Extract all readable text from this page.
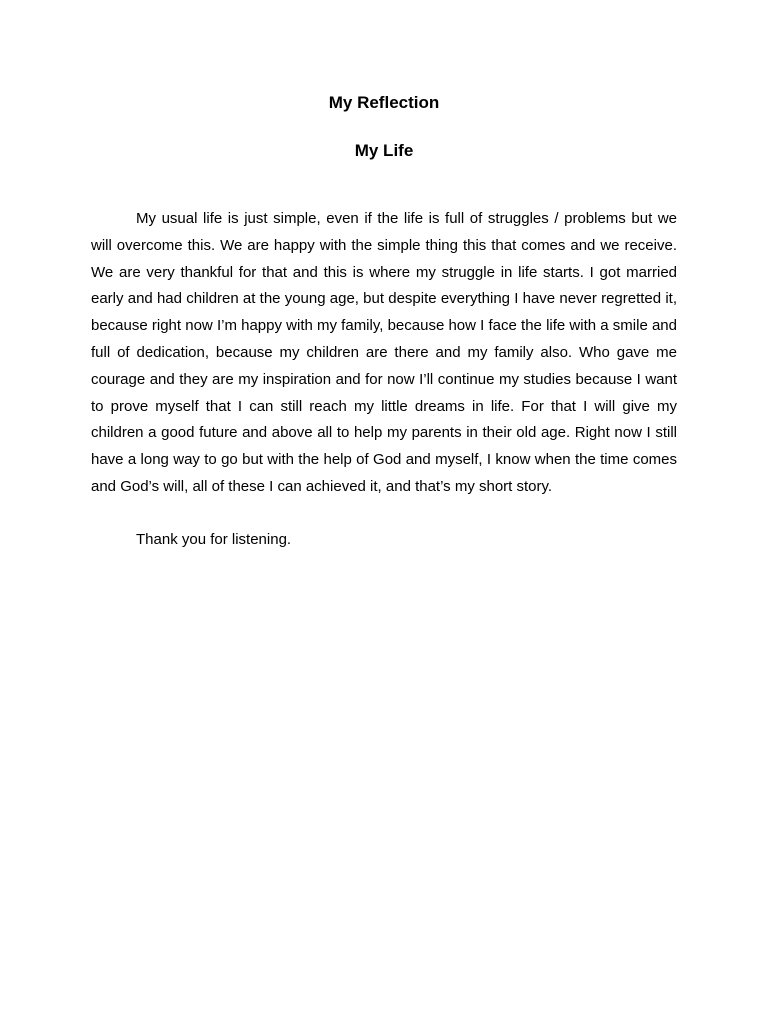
My Reflection
My Life

My usual life is just simple, even if the life is full of struggles / problems but we will overcome this. We are happy with the simple thing this that comes and we receive. We are very thankful for that and this is where my struggle in life starts. I got married early and had children at the young age, but despite everything I have never regretted it, because right now I’m happy with my family, because how I face the life with a smile and full of dedication, because my children are there and my family also. Who gave me courage and they are my inspiration and for now I’ll continue my studies because I want to prove myself that I can still reach my little dreams in life. For that I will give my children a good future and above all to help my parents in their old age. Right now I still have a long way to go but with the help of God and myself, I know when the time comes and God’s will, all of these I can achieved it, and that’s my short story.

Thank you for listening.
